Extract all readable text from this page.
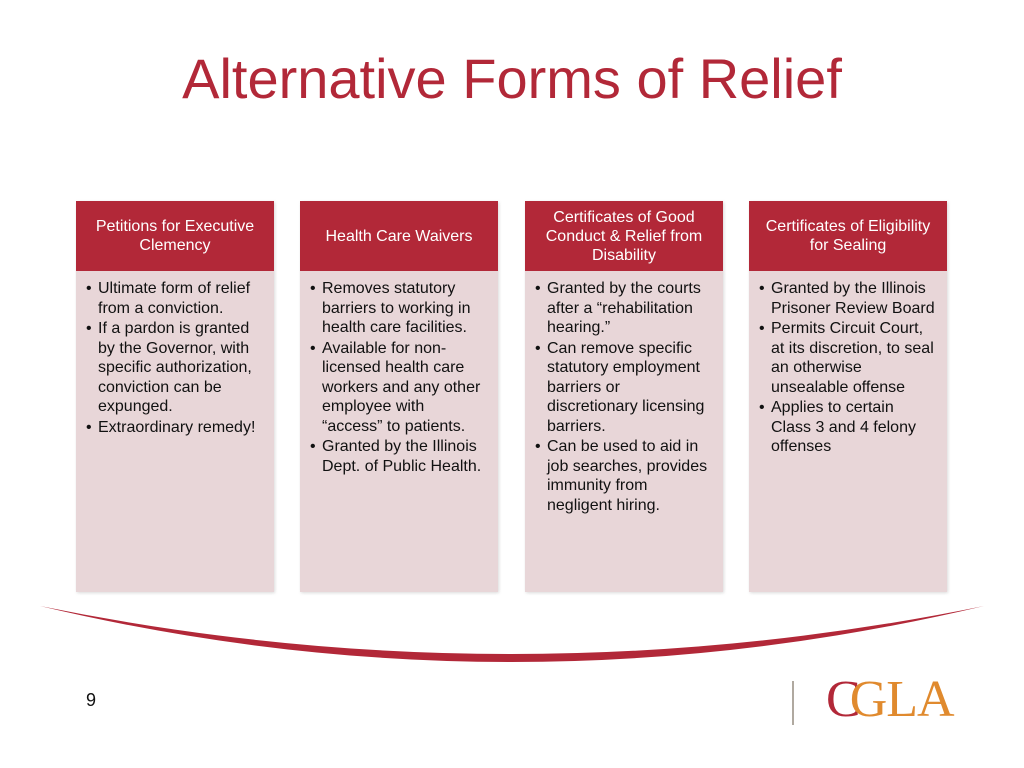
Alternative Forms of Relief
Petitions for Executive Clemency
• Ultimate form of relief from a conviction.
• If a pardon is granted by the Governor, with specific authorization, conviction can be expunged.
• Extraordinary remedy!
Health Care Waivers
• Removes statutory barriers to working in health care facilities.
• Available for non-licensed health care workers and any other employee with “access” to patients.
• Granted by the Illinois Dept. of Public Health.
Certificates of Good Conduct & Relief from Disability
• Granted by the courts after a “rehabilitation hearing.”
• Can remove specific statutory employment barriers or discretionary licensing barriers.
• Can be used to aid in job searches, provides immunity from negligent hiring.
Certificates of Eligibility for Sealing
• Granted by the Illinois Prisoner Review Board
• Permits Circuit Court, at its discretion, to seal an otherwise unsealable offense
• Applies to certain Class 3 and 4 felony offenses
9	CGLA
